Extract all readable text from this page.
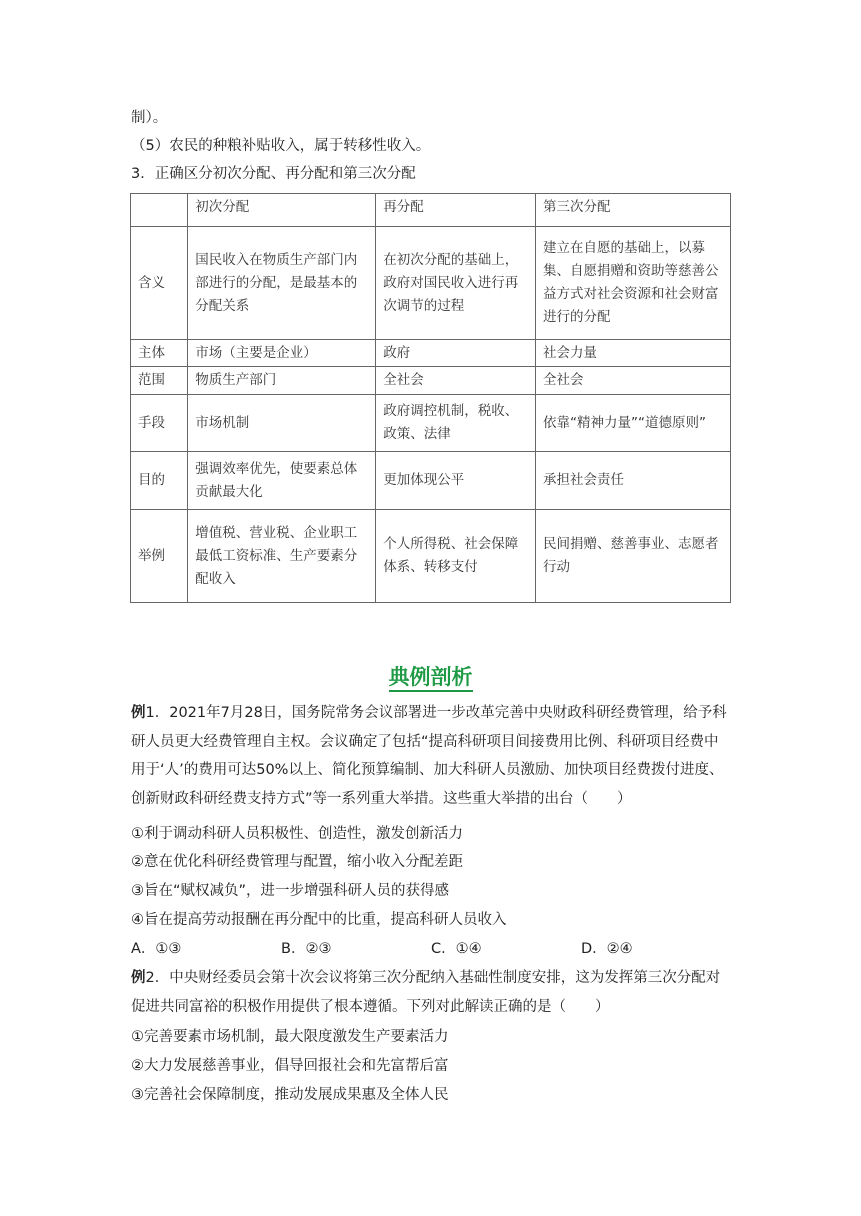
制）。
（5）农民的种粮补贴收入，属于转移性收入。
3．正确区分初次分配、再分配和第三次分配
	初次分配	再分配	第三次分配
含义	国民收入在物质生产部门内部进行的分配，是最基本的分配关系	在初次分配的基础上，政府对国民收入进行再次调节的过程	建立在自愿的基础上，以募集、自愿捐赠和资助等慈善公益方式对社会资源和社会财富进行的分配
主体	市场（主要是企业）	政府	社会力量
范围	物质生产部门	全社会	全社会
手段	市场机制	政府调控机制，税收、政策、法律	依靠“精神力量”“道德原则”
目的	强调效率优先，使要素总体贡献最大化	更加体现公平	承担社会责任
举例	增值税、营业税、企业职工最低工资标准、生产要素分配收入	个人所得税、社会保障体系、转移支付	民间捐赠、慈善事业、志愿者行动
典例剖析
例1．2021年7月28日，国务院常务会议部署进一步改革完善中央财政科研经费管理，给予科研人员更大经费管理自主权。会议确定了包括“提高科研项目间接费用比例、科研项目经费中用于‘人’的费用可达50%以上、简化预算编制、加大科研人员激励、加快项目经费拨付进度、创新财政科研经费支持方式”等一系列重大举措。这些重大举措的出台（　　）
①利于调动科研人员积极性、创造性，激发创新活力
②意在优化科研经费管理与配置，缩小收入分配差距
③旨在“赋权减负”，进一步增强科研人员的获得感
④旨在提高劳动报酬在再分配中的比重，提高科研人员收入
A．①③	B．②③	C．①④	D．②④
例2．中央财经委员会第十次会议将第三次分配纳入基础性制度安排，这为发挥第三次分配对促进共同富裕的积极作用提供了根本遵循。下列对此解读正确的是（　　）
①完善要素市场机制，最大限度激发生产要素活力
②大力发展慈善事业，倡导回报社会和先富帮后富
③完善社会保障制度，推动发展成果惠及全体人民
